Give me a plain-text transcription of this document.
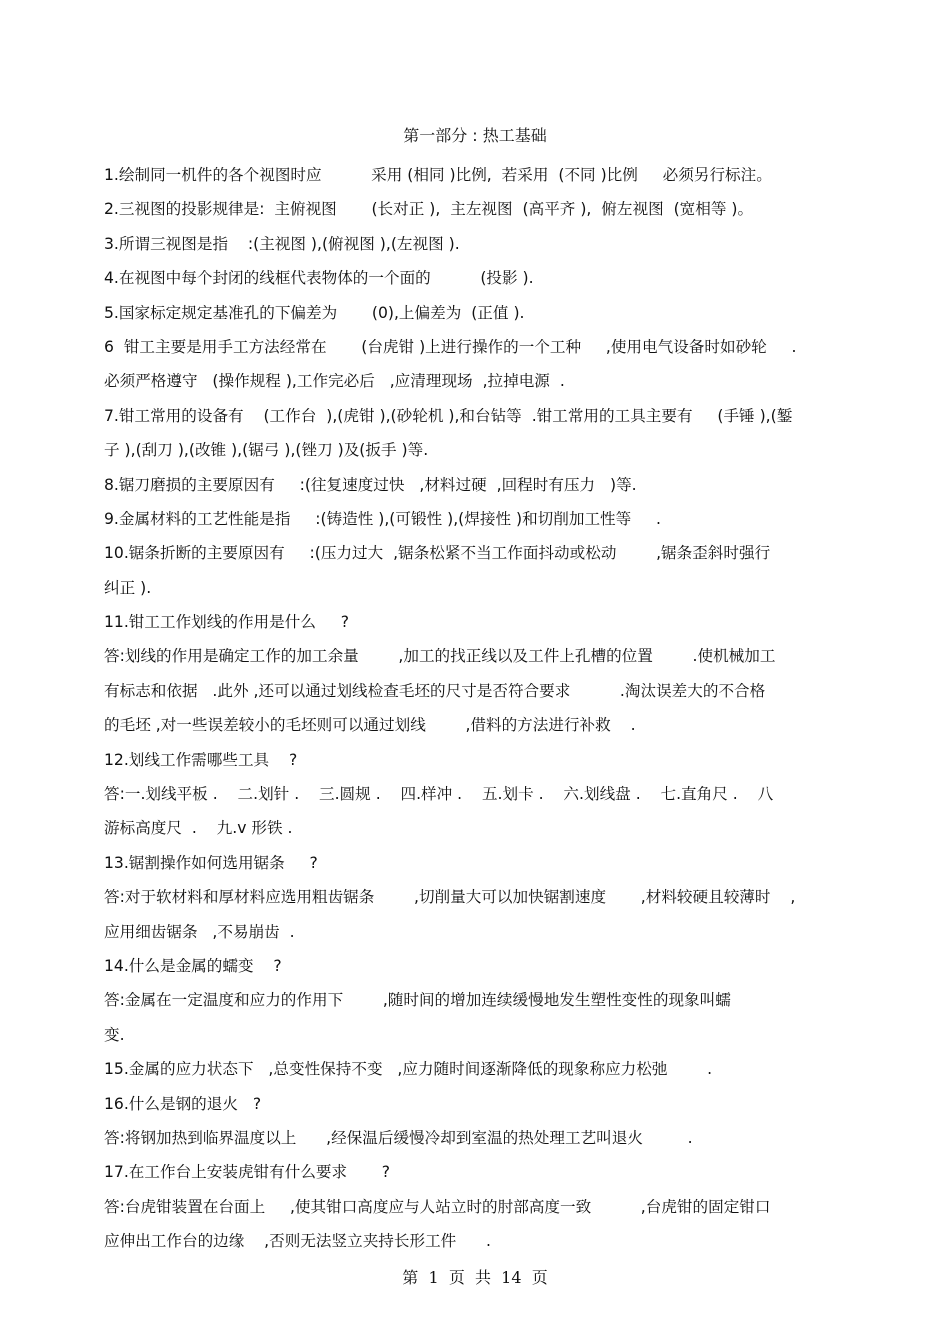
第一部分 : 热工基础
1.绘制同一机件的各个视图时应          采用 (相同 )比例,  若采用  (不同 )比例     必须另行标注。
2.三视图的投影规律是:  主俯视图       (长对正 ),  主左视图  (高平齐 ),  俯左视图  (宽相等 )。
3.所谓三视图是指    :(主视图 ),(俯视图 ),(左视图 ).
4.在视图中每个封闭的线框代表物体的一个面的          (投影 ).
5.国家标定规定基准孔的下偏差为       (0),上偏差为  (正值 ).
6  钳工主要是用手工方法经常在       (台虎钳 )上进行操作的一个工种     ,使用电气设备时如砂轮     .
必须严格遵守   (操作规程 ),工作完必后   ,应清理现场  ,拉掉电源  .
7.钳工常用的设备有    (工作台  ),(虎钳 ),(砂轮机 ),和台钻等  .钳工常用的工具主要有     (手锤 ),(錾
子 ),(刮刀 ),(改锥 ),(锯弓 ),(锉刀 )及(扳手 )等.
8.锯刀磨损的主要原因有     :(往复速度过快   ,材料过硬  ,回程时有压力   )等.
9.金属材料的工艺性能是指     :(铸造性 ),(可锻性 ),(焊接性 )和切削加工性等     .
10.锯条折断的主要原因有     :(压力过大  ,锯条松紧不当工作面抖动或松动        ,锯条歪斜时强行
纠正 ).
11.钳工工作划线的作用是什么     ?
答:划线的作用是确定工作的加工余量        ,加工的找正线以及工件上孔槽的位置        .使机械加工
有标志和依据   .此外 ,还可以通过划线检查毛坯的尺寸是否符合要求          .淘汰误差大的不合格
的毛坯 ,对一些误差较小的毛坯则可以通过划线        ,借料的方法进行补救    .
12.划线工作需哪些工具    ?
答:一.划线平板 .    二.划针 .    三.圆规 .    四.样冲 .    五.划卡 .    六.划线盘 .    七.直角尺 .    八
游标高度尺  .    九.v 形铁 .
13.锯割操作如何选用锯条     ?
答:对于软材料和厚材料应选用粗齿锯条        ,切削量大可以加快锯割速度       ,材料较硬且较薄时    ,
应用细齿锯条   ,不易崩齿  .
14.什么是金属的蠕变    ?
答:金属在一定温度和应力的作用下        ,随时间的增加连续缓慢地发生塑性变性的现象叫蠕
变.
15.金属的应力状态下   ,总变性保持不变   ,应力随时间逐渐降低的现象称应力松弛        .
16.什么是钢的退火   ?
答:将钢加热到临界温度以上      ,经保温后缓慢冷却到室温的热处理工艺叫退火         .
17.在工作台上安装虎钳有什么要求       ?
答:台虎钳装置在台面上     ,使其钳口高度应与人站立时的肘部高度一致          ,台虎钳的固定钳口
应伸出工作台的边缘    ,否则无法竖立夹持长形工件      .
第  1  页  共  14  页
